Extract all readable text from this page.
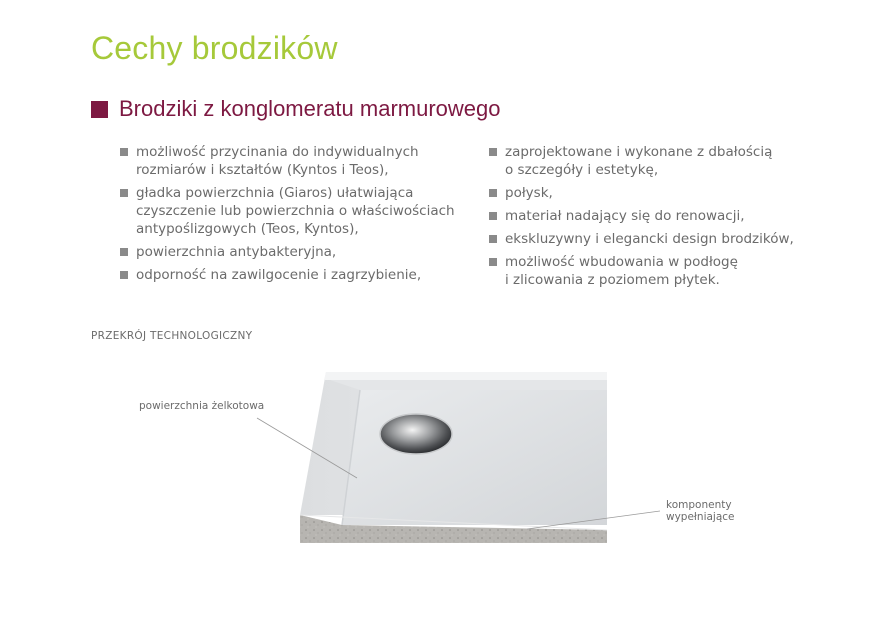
Cechy brodzików
Brodziki z konglomeratu marmurowego
możliwość przycinania do indywidualnych
rozmiarów i kształtów (Kyntos i Teos),
gładka powierzchnia (Giaros) ułatwiająca
czyszczenie lub powierzchnia o właściwościach
antypoślizgowych (Teos, Kyntos),
powierzchnia antybakteryjna,
odporność na zawilgocenie i zagrzybienie,
zaprojektowane i wykonane z dbałością
o szczegóły i estetykę,
połysk,
materiał nadający się do renowacji,
ekskluzywny i elegancki design brodzików,
możliwość wbudowania w podłogę
i zlicowania z poziomem płytek.
PRZEKRÓJ TECHNOLOGICZNY
powierzchnia żelkotowa
komponenty
wypełniające
